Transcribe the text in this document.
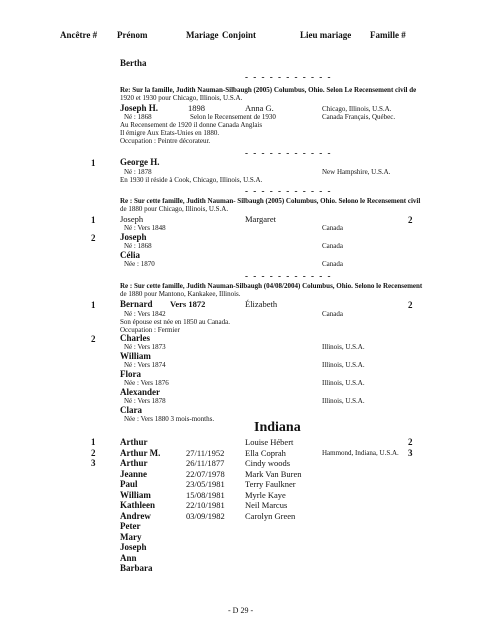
Ancêtre # Prénom	Mariage Conjoint	Lieu mariage Famille #
Bertha
- - - - - - - - - - -
Re: Sur la famille, Judith Nauman-Silbaugh (2005) Columbus, Ohio. Selon Le Recensement civil de
1920 et 1930 pour Chicago, Illinois, U.S.A.
Joseph H.	1898	Anna G.	Chicago, Illinois, U.S.A.
Né : 1868	Selon le Recensement de 1930	Canada Français, Québec.
Au Recensement de 1920 il donne Canada Anglais
Il émigre Aux Etats-Unies en 1880.
Occupation : Peintre décorateur.
- - - - - - - - - - -
1	George H.
Né : 1878	New Hampshire, U.S.A.
En 1930 il réside à Cook, Chicago, Illinois, U.S.A.
- - - - - - - - - - -
Re : Sur cette famille, Judith Nauman- Silbaugh (2005) Columbus, Ohio. Selono le Recensement civil
de 1880 pour Chicago, Illinois, U.S.A.
1	Joseph	Margaret	2
Né : Vers 1848	Canada
2	Joseph
Né : 1868	Canada
Célia
Née : 1870	Canada
- - - - - - - - - - -
Re : Sur cette famille, Judith Nauman-Silbaugh (04/08/2004) Columbus, Ohio. Selono le Recensement
de 1880 pour Mantono, Kankakee, Illinois.
1	Bernard Vers 1872	Élizabeth	2
Né : Vers 1842	Canada
Son épouse est née en 1850 au Canada.
Occupation : Fermier
2	Charles
Né : Vers 1873	Illinois, U.S.A.
William
Né : Vers 1874	Illinois, U.S.A.
Flora
Née : Vers 1876	Illinois, U.S.A.
Alexander
Né : Vers 1878	Illinois, U.S.A.
Clara
Née : Vers 1880 3 mois-months.
Indiana
1	Arthur	Louise Hébert	2
2	Arthur M.	27/11/1952 Ella Coprah	Hammond, Indiana, U.S.A. 3
3	Arthur	26/11/1877 Cindy woods
Jeanne	22/07/1978 Mark Van Buren
Paul	23/05/1981 Terry Faulkner
William	15/08/1981 Myrle Kaye
Kathleen	22/10/1981 Neil Marcus
Andrew	03/09/1982 Carolyn Green
Peter
Mary
Joseph
Ann
Barbara
- D 29 -
